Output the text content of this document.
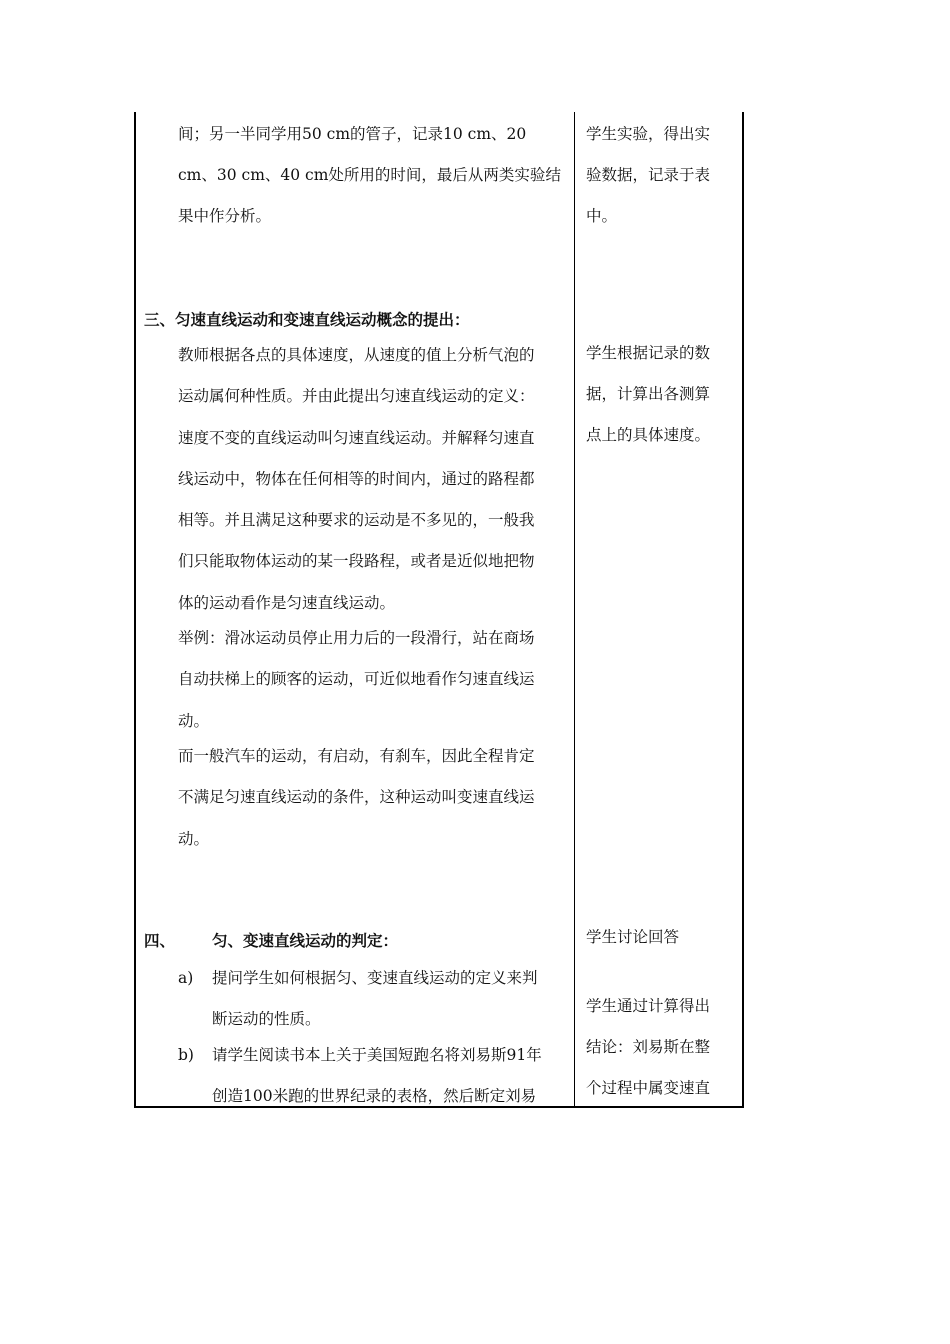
间；另一半同学用50 cm的管子，记录10 cm、20
cm、30 cm、40 cm处所用的时间，最后从两类实验结
果中作分析。
三、匀速直线运动和变速直线运动概念的提出：
教师根据各点的具体速度，从速度的值上分析气泡的
运动属何种性质。并由此提出匀速直线运动的定义：
速度不变的直线运动叫匀速直线运动。并解释匀速直
线运动中，物体在任何相等的时间内，通过的路程都
相等。并且满足这种要求的运动是不多见的，一般我
们只能取物体运动的某一段路程，或者是近似地把物
体的运动看作是匀速直线运动。
举例：滑冰运动员停止用力后的一段滑行，站在商场
自动扶梯上的顾客的运动，可近似地看作匀速直线运
动。
而一般汽车的运动，有启动，有刹车，因此全程肯定
不满足匀速直线运动的条件，这种运动叫变速直线运
动。
四、 匀、变速直线运动的判定：
a) 提问学生如何根据匀、变速直线运动的定义来判
断运动的性质。
b) 请学生阅读书本上关于美国短跑名将刘易斯91年
创造100米跑的世界纪录的表格，然后断定刘易
学生实验，得出实
验数据，记录于表
中。
学生根据记录的数
据，计算出各测算
点上的具体速度。
学生讨论回答
学生通过计算得出
结论：刘易斯在整
个过程中属变速直
